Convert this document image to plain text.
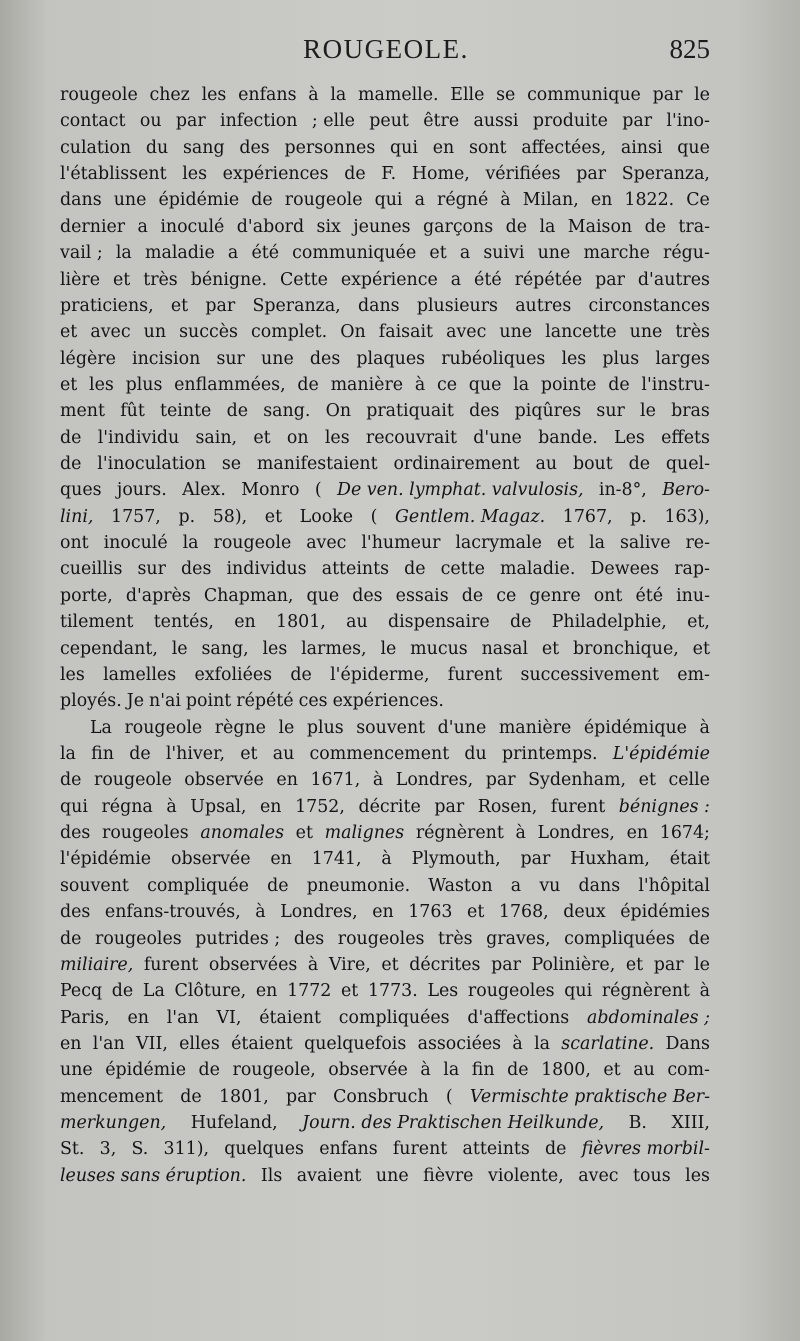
ROUGEOLE.	825
rougeole chez les enfans à la mamelle. Elle se communique par le
contact ou par infection ; elle peut être aussi produite par l'ino-
culation du sang des personnes qui en sont affectées, ainsi que
l'établissent les expériences de F. Home, vérifiées par Speranza,
dans une épidémie de rougeole qui a régné à Milan, en 1822. Ce
dernier a inoculé d'abord six jeunes garçons de la Maison de tra-
vail ; la maladie a été communiquée et a suivi une marche régu-
lière et très bénigne. Cette expérience a été répétée par d'autres
praticiens, et par Speranza, dans plusieurs autres circonstances
et avec un succès complet. On faisait avec une lancette une très
légère incision sur une des plaques rubéoliques les plus larges
et les plus enflammées, de manière à ce que la pointe de l'instru-
ment fût teinte de sang. On pratiquait des piqûres sur le bras
de l'individu sain, et on les recouvrait d'une bande. Les effets
de l'inoculation se manifestaient ordinairement au bout de quel-
ques jours. Alex. Monro ( De ven. lymphat. valvulosis, in-8°, Bero-
lini, 1757, p. 58), et Looke ( Gentlem. Magaz. 1767, p. 163),
ont inoculé la rougeole avec l'humeur lacrymale et la salive re-
cueillis sur des individus atteints de cette maladie. Dewees rap-
porte, d'après Chapman, que des essais de ce genre ont été inu-
tilement tentés, en 1801, au dispensaire de Philadelphie, et,
cependant, le sang, les larmes, le mucus nasal et bronchique, et
les lamelles exfoliées de l'épiderme, furent successivement em-
ployés. Je n'ai point répété ces expériences.
La rougeole règne le plus souvent d'une manière épidémique à
la fin de l'hiver, et au commencement du printemps. L'épidémie
de rougeole observée en 1671, à Londres, par Sydenham, et celle
qui régna à Upsal, en 1752, décrite par Rosen, furent bénignes :
des rougeoles anomales et malignes régnèrent à Londres, en 1674;
l'épidémie observée en 1741, à Plymouth, par Huxham, était
souvent compliquée de pneumonie. Waston a vu dans l'hôpital
des enfans-trouvés, à Londres, en 1763 et 1768, deux épidémies
de rougeoles putrides ; des rougeoles très graves, compliquées de
miliaire, furent observées à Vire, et décrites par Polinière, et par le
Pecq de La Clôture, en 1772 et 1773. Les rougeoles qui régnèrent à
Paris, en l'an VI, étaient compliquées d'affections abdominales ;
en l'an VII, elles étaient quelquefois associées à la scarlatine. Dans
une épidémie de rougeole, observée à la fin de 1800, et au com-
mencement de 1801, par Consbruch ( Vermischte praktische Ber-
merkungen, Hufeland, Journ. des Praktischen Heilkunde, B. XIII,
St. 3, S. 311), quelques enfans furent atteints de fièvres morbil-
leuses sans éruption. Ils avaient une fièvre violente, avec tous les
